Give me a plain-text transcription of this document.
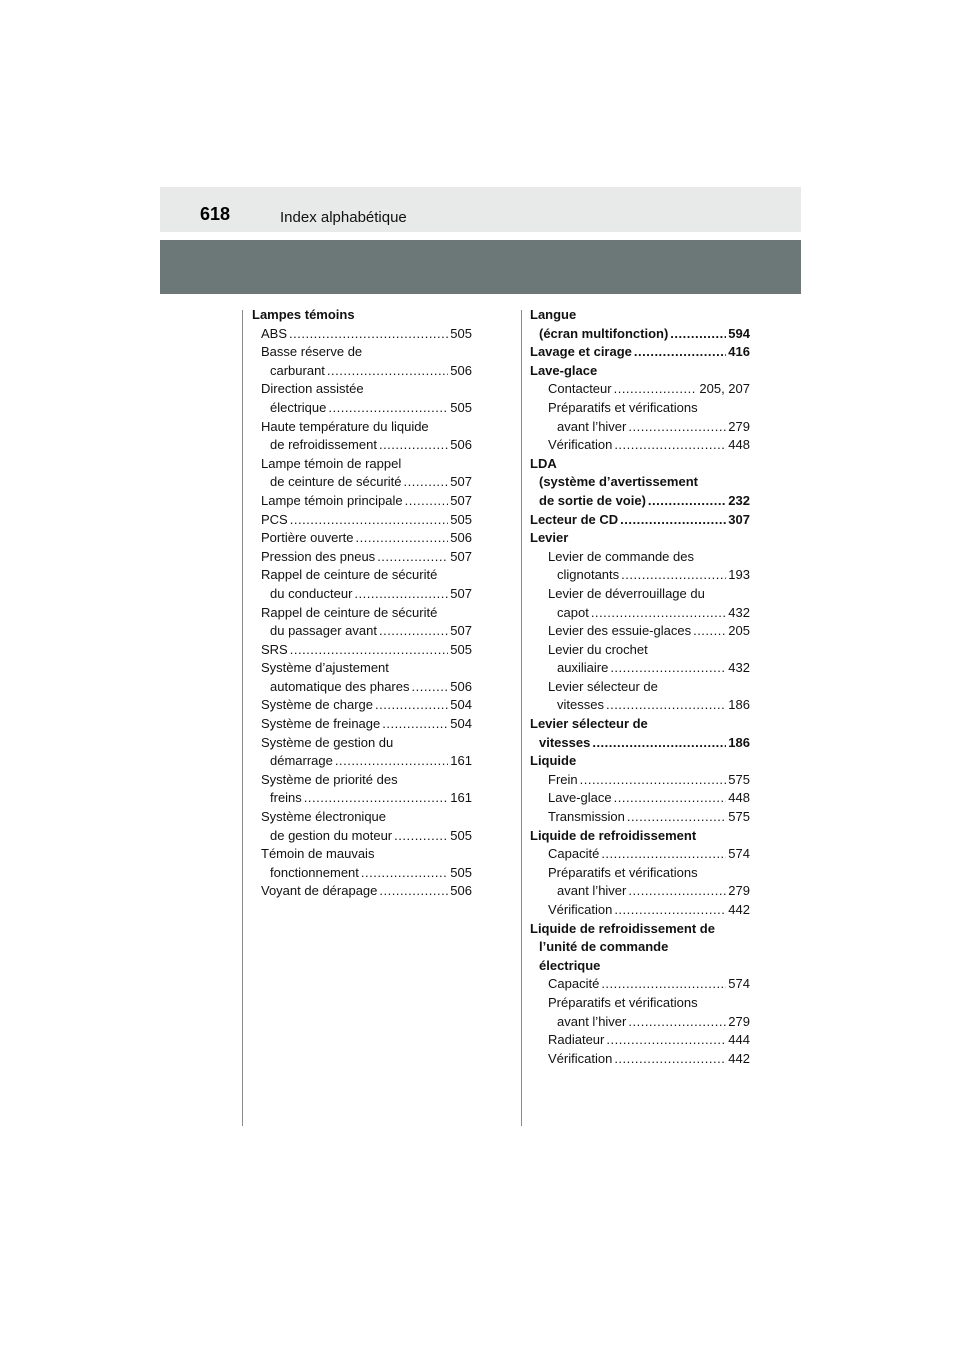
618	Index alphabétique
Lampes témoins
ABS .....	505
Basse réserve de
carburant .....	506
Direction assistée
électrique .....	505
Haute température du liquide
de refroidissement .....	506
Lampe témoin de rappel
de ceinture de sécurité .....	507
Lampe témoin principale .....	507
PCS .....	505
Portière ouverte .....	506
Pression des pneus .....	507
Rappel de ceinture de sécurité
du conducteur .....	507
Rappel de ceinture de sécurité
du passager avant .....	507
SRS .....	505
Système d’ajustement
automatique des phares .....	506
Système de charge .....	504
Système de freinage .....	504
Système de gestion du
démarrage .....	161
Système de priorité des
freins .....	161
Système électronique
de gestion du moteur .....	505
Témoin de mauvais
fonctionnement .....	505
Voyant de dérapage .....	506
Langue
(écran multifonction) .....	594
Lavage et cirage .....	416
Lave-glace
Contacteur .....	205, 207
Préparatifs et vérifications
avant l’hiver .....	279
Vérification .....	448
LDA
(système d’avertissement
de sortie de voie) .....	232
Lecteur de CD .....	307
Levier
Levier de commande des
clignotants .....	193
Levier de déverrouillage du
capot .....	432
Levier des essuie-glaces .....	205
Levier du crochet
auxiliaire .....	432
Levier sélecteur de
vitesses .....	186
Levier sélecteur de
vitesses .....	186
Liquide
Frein .....	575
Lave-glace .....	448
Transmission .....	575
Liquide de refroidissement
Capacité .....	574
Préparatifs et vérifications
avant l’hiver .....	279
Vérification .....	442
Liquide de refroidissement de
l’unité de commande
électrique
Capacité .....	574
Préparatifs et vérifications
avant l’hiver .....	279
Radiateur .....	444
Vérification .....	442
